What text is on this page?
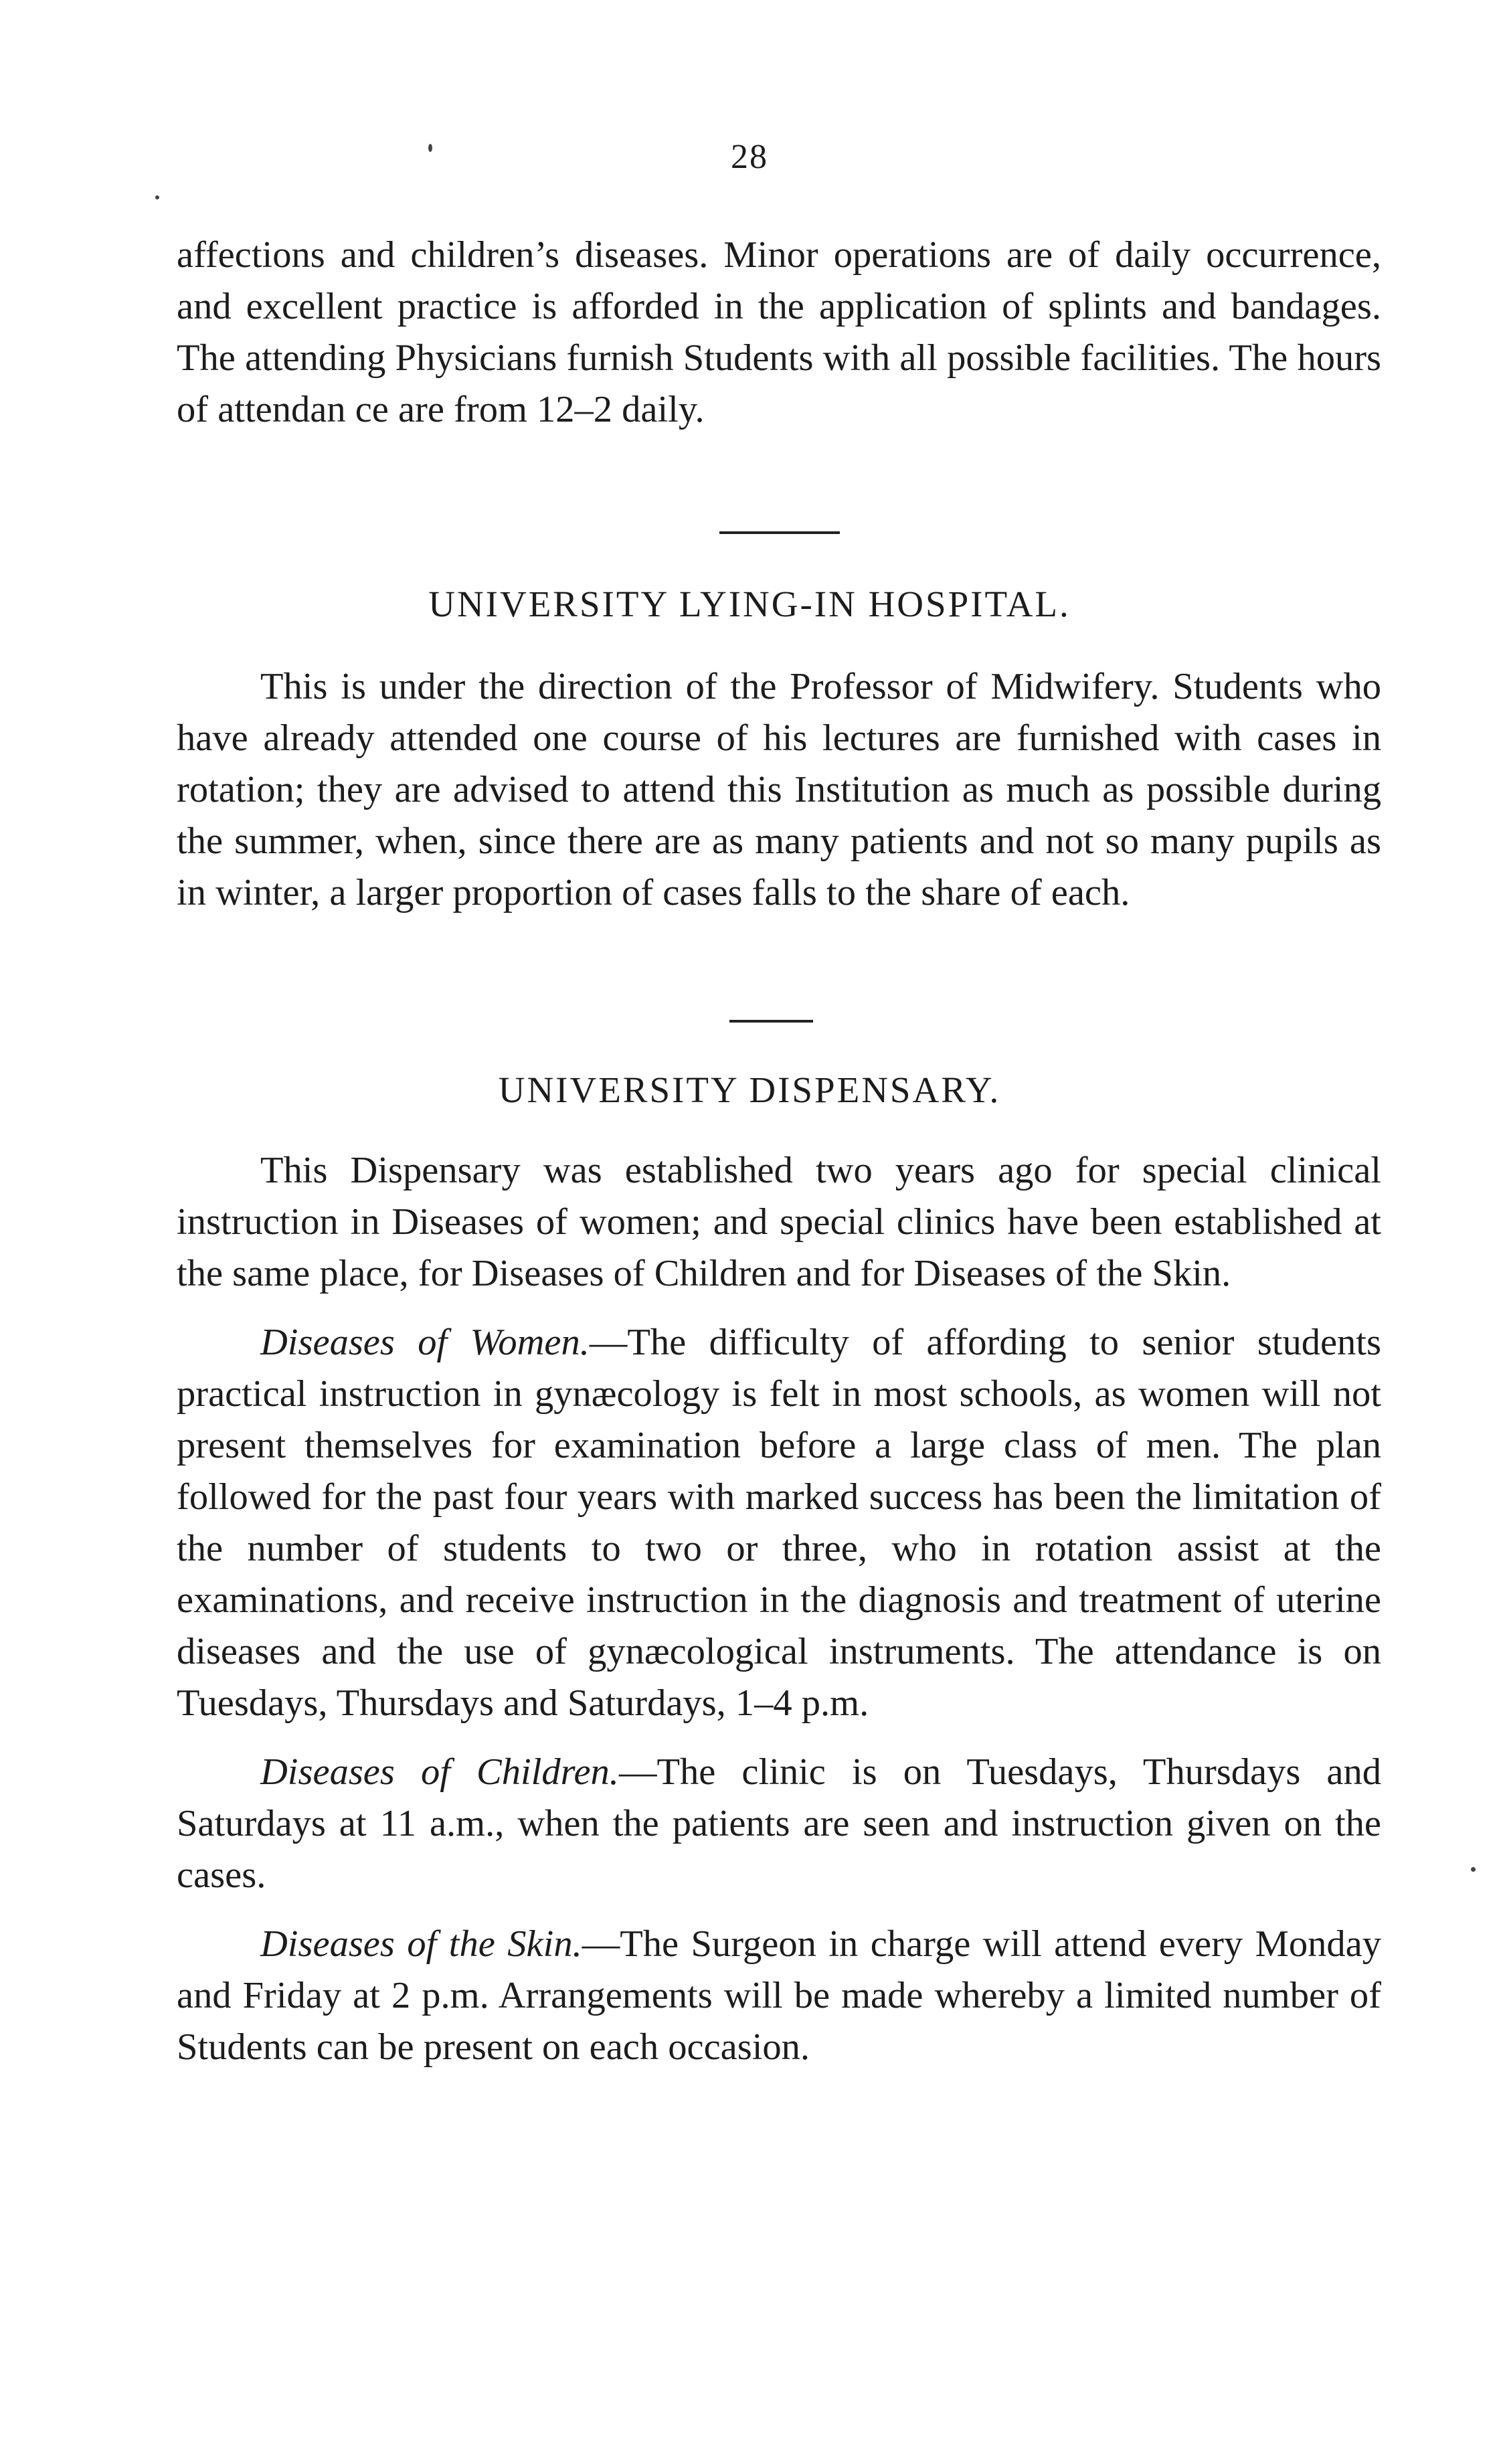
28

affections and children’s diseases. Minor operations are of daily occurrence, and excellent practice is afforded in the application of splints and bandages. The attending Physicians furnish Students with all possible facilities. The hours of attendan ce are from 12–2 daily.

UNIVERSITY LYING-IN HOSPITAL.

This is under the direction of the Professor of Midwifery. Students who have already attended one course of his lectures are furnished with cases in rotation; they are advised to attend this Institution as much as possible during the summer, when, since there are as many patients and not so many pupils as in winter, a larger proportion of cases falls to the share of each.

UNIVERSITY DISPENSARY.

This Dispensary was established two years ago for special clinical instruction in Diseases of women; and special clinics have been established at the same place, for Diseases of Children and for Diseases of the Skin.

Diseases of Women.—The difficulty of affording to senior students practical instruction in gynæcology is felt in most schools, as women will not present themselves for examination before a large class of men. The plan followed for the past four years with marked success has been the limitation of the number of students to two or three, who in rotation assist at the examinations, and receive instruction in the diagnosis and treatment of uterine diseases and the use of gynæcological instruments. The attendance is on Tuesdays, Thursdays and Saturdays, 1–4 p.m.

Diseases of Children.—The clinic is on Tuesdays, Thursdays and Saturdays at 11 a.m., when the patients are seen and instruction given on the cases.

Diseases of the Skin.—The Surgeon in charge will attend every Monday and Friday at 2 p.m. Arrangements will be made whereby a limited number of Students can be present on each occasion.
